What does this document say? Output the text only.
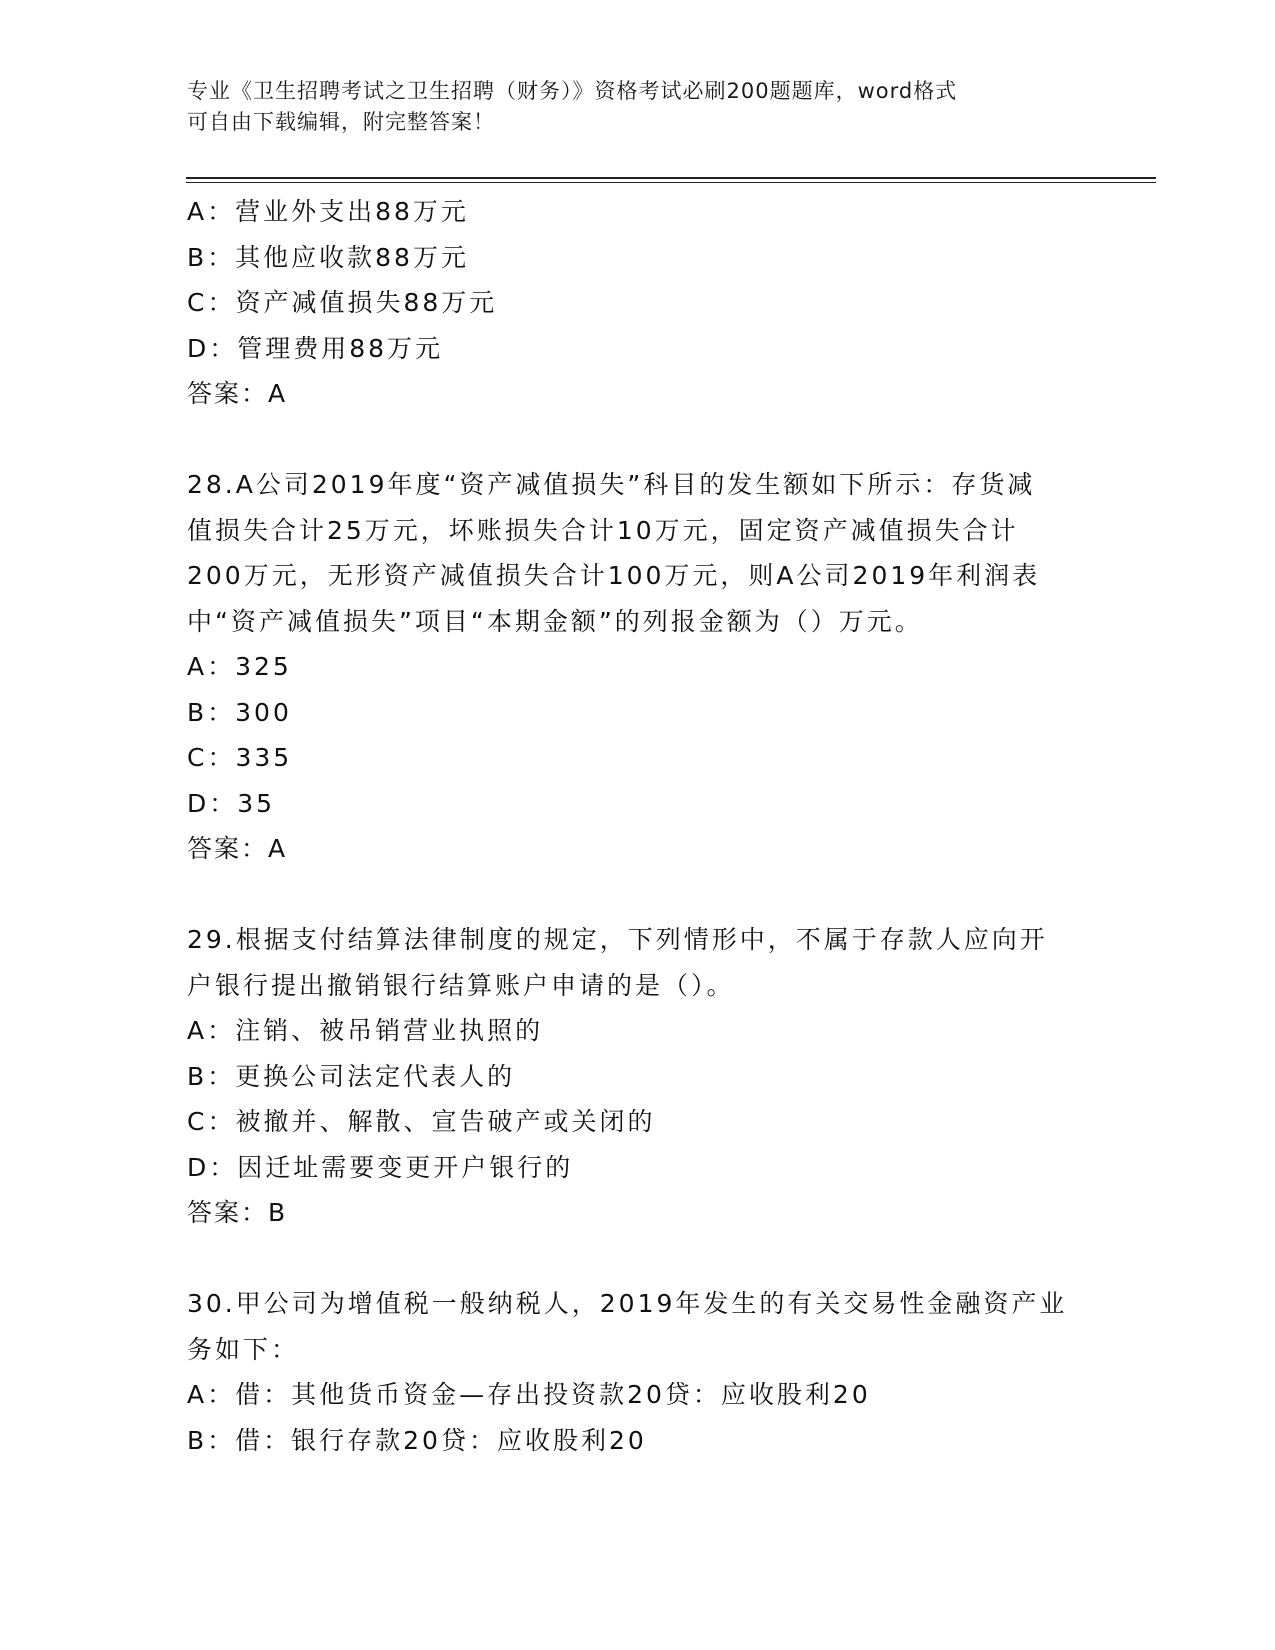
专业《卫生招聘考试之卫生招聘（财务）》资格考试必刷200题题库，word格式
可自由下载编辑，附完整答案！
A：营业外支出88万元
B：其他应收款88万元
C：资产减值损失88万元
D：管理费用88万元
答案：A
28.A公司2019年度“资产减值损失”科目的发生额如下所示：存货减
值损失合计25万元，坏账损失合计10万元，固定资产减值损失合计
200万元，无形资产减值损失合计100万元，则A公司2019年利润表
中“资产减值损失”项目“本期金额”的列报金额为（）万元。
A：325
B：300
C：335
D：35
答案：A
29.根据支付结算法律制度的规定，下列情形中，不属于存款人应向开
户银行提出撤销银行结算账户申请的是（）。
A：注销、被吊销营业执照的
B：更换公司法定代表人的
C：被撤并、解散、宣告破产或关闭的
D：因迁址需要变更开户银行的
答案：B
30.甲公司为增值税一般纳税人，2019年发生的有关交易性金融资产业
务如下：
A：借：其他货币资金—存出投资款20贷：应收股利20
B：借：银行存款20贷：应收股利20
